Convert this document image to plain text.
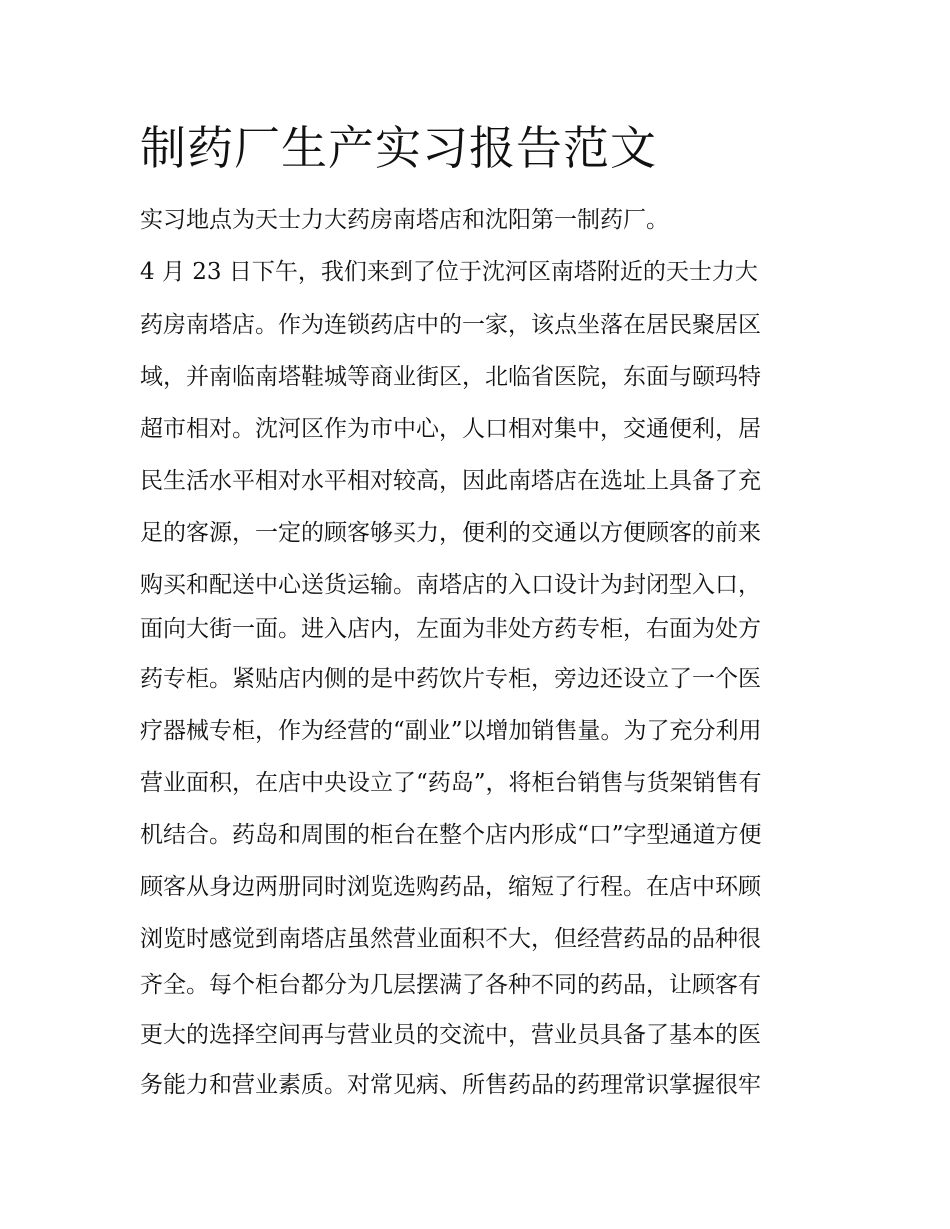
制药厂生产实习报告范文
实习地点为天士力大药房南塔店和沈阳第一制药厂。
4 月 23 日下午，我们来到了位于沈河区南塔附近的天士力大
药房南塔店。作为连锁药店中的一家，该点坐落在居民聚居区
域，并南临南塔鞋城等商业街区，北临省医院，东面与颐玛特
超市相对。沈河区作为市中心，人口相对集中，交通便利，居
民生活水平相对水平相对较高，因此南塔店在选址上具备了充
足的客源，一定的顾客够买力，便利的交通以方便顾客的前来
购买和配送中心送货运输。南塔店的入口设计为封闭型入口，
面向大街一面。进入店内，左面为非处方药专柜，右面为处方
药专柜。紧贴店内侧的是中药饮片专柜，旁边还设立了一个医
疗器械专柜，作为经营的“副业”以增加销售量。为了充分利用
营业面积，在店中央设立了“药岛”，将柜台销售与货架销售有
机结合。药岛和周围的柜台在整个店内形成“口”字型通道方便
顾客从身边两册同时浏览选购药品，缩短了行程。在店中环顾
浏览时感觉到南塔店虽然营业面积不大，但经营药品的品种很
齐全。每个柜台都分为几层摆满了各种不同的药品，让顾客有
更大的选择空间再与营业员的交流中，营业员具备了基本的医
务能力和营业素质。对常见病、所售药品的药理常识掌握很牢
